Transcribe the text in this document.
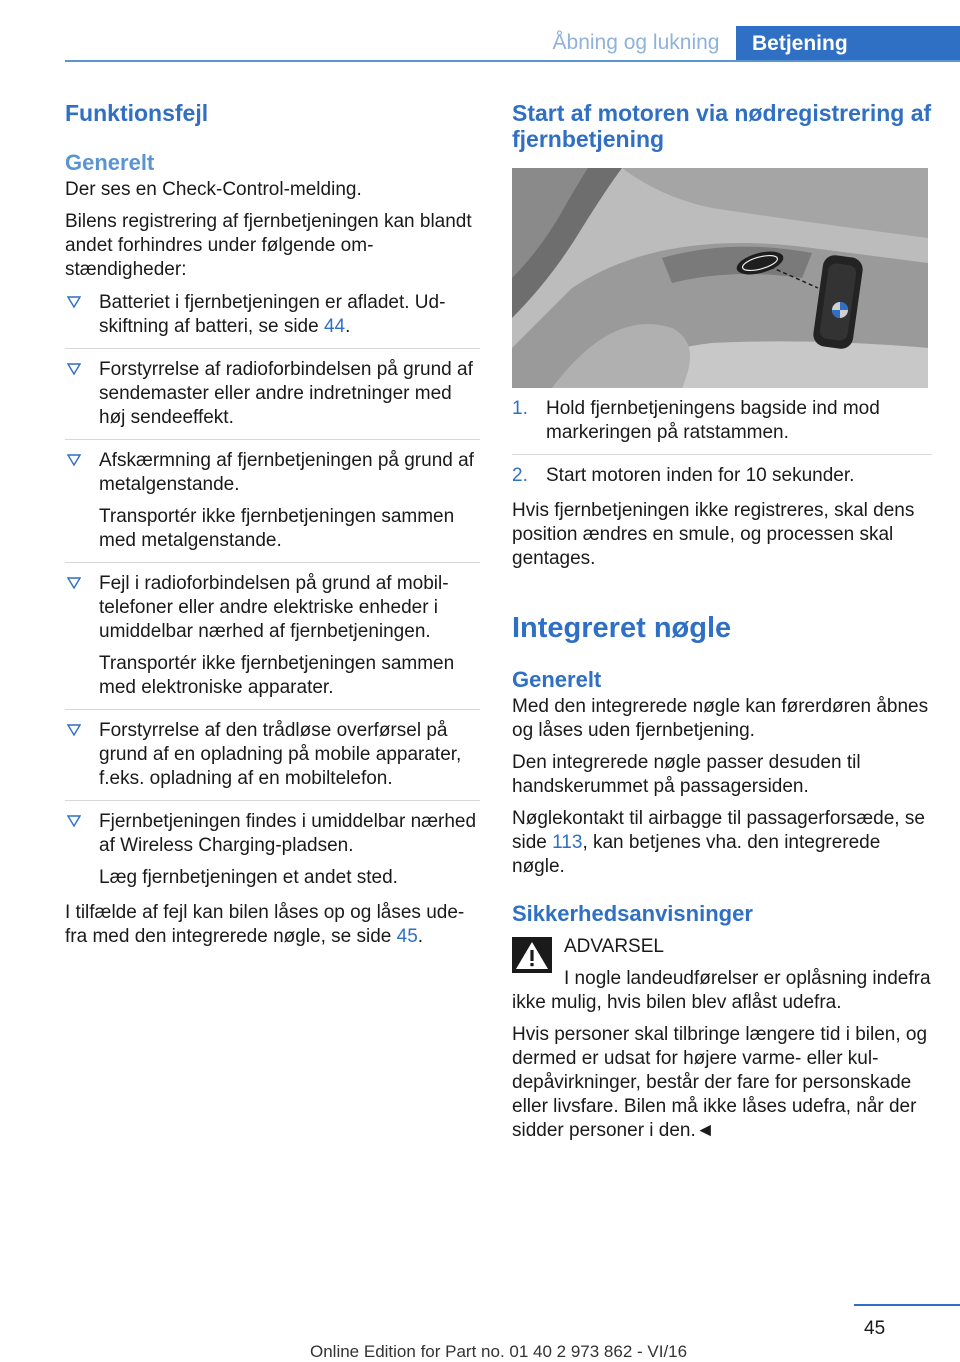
Åbning og lukning	Betjening
Funktionsfejl
Generelt
Der ses en Check-Control-melding.
Bilens registrering af fjernbetjeningen kan blandt andet forhindres under følgende omstændigheder:
Batteriet i fjernbetjeningen er afladet. Udskiftning af batteri, se side 44.
Forstyrrelse af radioforbindelsen på grund af sendemaster eller andre indretninger med høj sendeeffekt.
Afskærmning af fjernbetjeningen på grund af metalgenstande.
Transportér ikke fjernbetjeningen sammen med metalgenstande.
Fejl i radioforbindelsen på grund af mobiltelefoner eller andre elektriske enheder i umiddelbar nærhed af fjernbetjeningen.
Transportér ikke fjernbetjeningen sammen med elektroniske apparater.
Forstyrrelse af den trådløse overførsel på grund af en opladning på mobile apparater, f.eks. opladning af en mobiltelefon.
Fjernbetjeningen findes i umiddelbar nærhed af Wireless Charging-pladsen.
Læg fjernbetjeningen et andet sted.
I tilfælde af fejl kan bilen låses op og låses udefra med den integrerede nøgle, se side 45.
Start af motoren via nødregistrering af fjernbetjening
1. Hold fjernbetjeningens bagside ind mod markeringen på ratstammen.
2. Start motoren inden for 10 sekunder.
Hvis fjernbetjeningen ikke registreres, skal dens position ændres en smule, og processen skal gentages.
Integreret nøgle
Generelt
Med den integrerede nøgle kan førerdøren åbnes og låses uden fjernbetjening.
Den integrerede nøgle passer desuden til handskerummet på passagersiden.
Nøglekontakt til airbagge til passagerforsæde, se side 113, kan betjenes vha. den integrerede nøgle.
Sikkerhedsanvisninger
ADVARSEL
I nogle landeudførelser er oplåsning indefra ikke mulig, hvis bilen blev aflåst udefra.
Hvis personer skal tilbringe længere tid i bilen, og dermed er udsat for højere varme- eller kuldepåvirkninger, består der fare for personskade eller livsfare. Bilen må ikke låses udefra, når der sidder personer i den.◄
45
Online Edition for Part no. 01 40 2 973 862 - VI/16
